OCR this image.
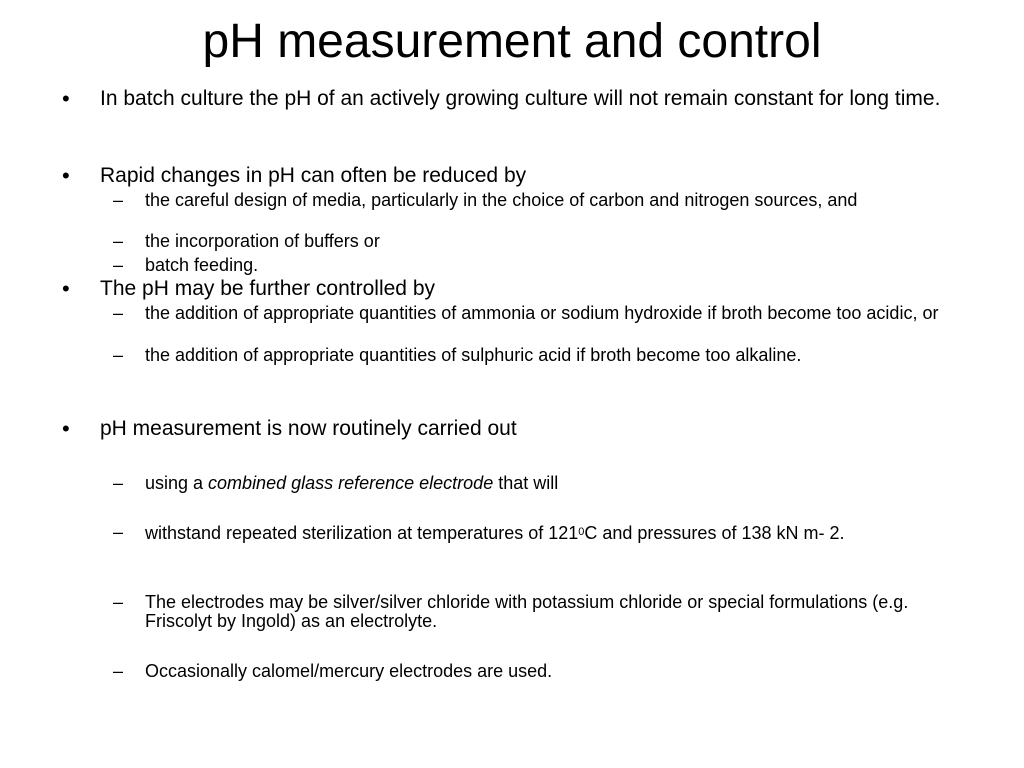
pH measurement and control
• In batch culture the pH of an actively growing culture will not remain constant for long time.
• Rapid changes in pH can often be reduced by
– the careful design of media, particularly in the choice of carbon and nitrogen sources, and
– the incorporation of buffers or
– batch feeding.
• The pH may be further controlled by
– the addition of appropriate quantities of ammonia or sodium hydroxide if broth become too acidic, or
– the addition of appropriate quantities of sulphuric acid if broth become too alkaline.
• pH measurement is now routinely carried out
– using a combined glass reference electrode that will
– withstand repeated sterilization at temperatures of $121^0C$ and pressures of 138 kN m- 2.
– The electrodes may be silver/silver chloride with potassium chloride or special formulations (e.g. Friscolyt by Ingold) as an electrolyte.
– Occasionally calomel/mercury electrodes are used.
